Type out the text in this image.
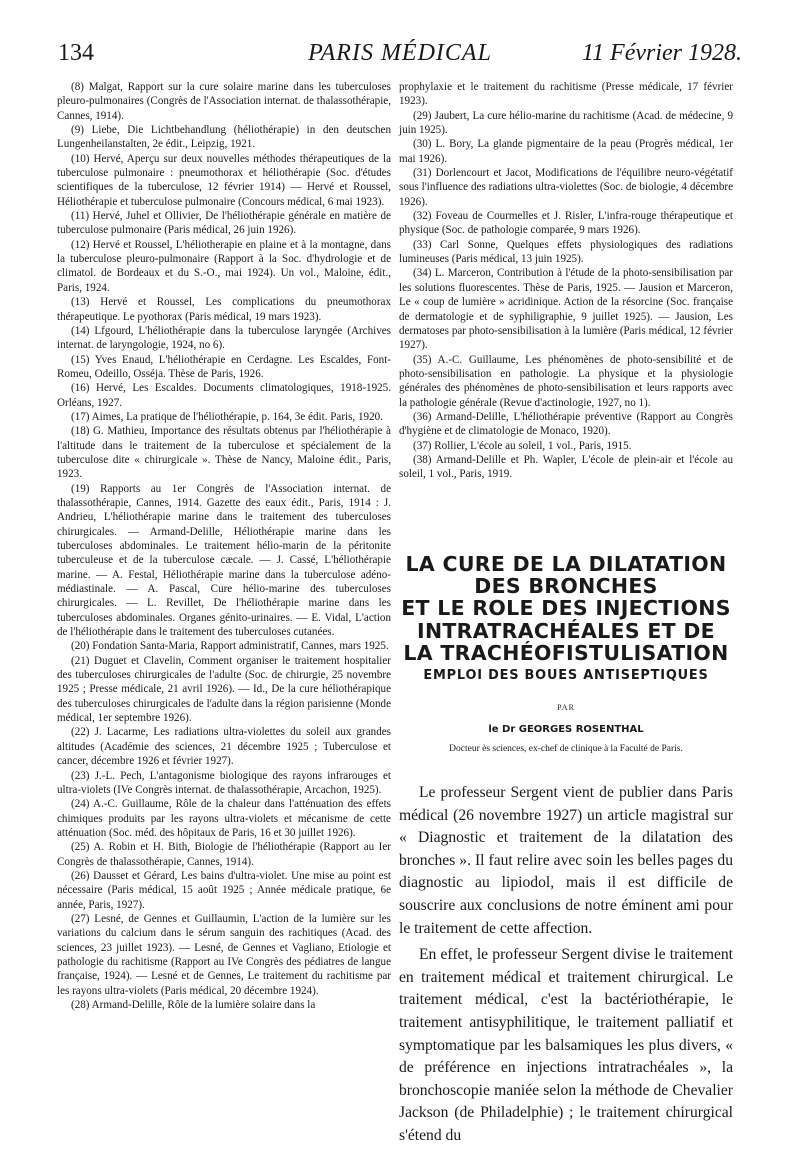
134	PARIS MÉDICAL	11 Février 1928.

(8) Malgat, Rapport sur la cure solaire marine dans les tuberculoses pleuro-pulmonaires (Congrès de l'Association internat. de thalassothérapie, Cannes, 1914).

(9) Liebe, Die Lichtbehandlung (héliothérapie) in den deutschen Lungenheilanstalten, 2e édit., Leipzig, 1921.

(10) Hervé, Aperçu sur deux nouvelles méthodes thérapeutiques de la tuberculose pulmonaire : pneumothorax et héliothérapie (Soc. d'études scientifiques de la tuberculose, 12 février 1914) — Hervé et Roussel, Héliothérapie et tuberculose pulmonaire (Concours médical, 6 mai 1923).

(11) Hervé, Juhel et Ollivier, De l'héliothérapie générale en matière de tuberculose pulmonaire (Paris médical, 26 juin 1926).

(12) Hervé et Roussel, L'héliotherapie en plaine et à la montagne, dans la tuberculose pleuro-pulmonaire (Rapport à la Soc. d'hydrologie et de climatol. de Bordeaux et du S.-O., mai 1924). Un vol., Maloine, édit., Paris, 1924.

(13) Hervé et Roussel, Les complications du pneumothorax thérapeutique. Le pyothorax (Paris médical, 19 mars 1923).

(14) Lfgourd, L'héliothérapie dans la tuberculose laryngée (Archives internat. de laryngologie, 1924, no 6).

(15) Yves Enaud, L'héliothérapie en Cerdagne. Les Escaldes, Font-Romeu, Odeillo, Osséja. Thèse de Paris, 1926.

(16) Hervé, Les Escaldes. Documents climatologiques, 1918-1925. Orléans, 1927.

(17) Aimes, La pratique de l'héliothérapie, p. 164, 3e édit. Paris, 1920.

(18) G. Mathieu, Importance des résultats obtenus par l'héliothérapie à l'altitude dans le traitement de la tuberculose et spécialement de la tuberculose dite « chirurgicale ». Thèse de Nancy, Maloine édit., Paris, 1923.

(19) Rapports au 1er Congrès de l'Association internat. de thalassothérapie, Cannes, 1914. Gazette des eaux édit., Paris, 1914 : J. Andrieu, L'héliothérapie marine dans le traitement des tuberculoses chirurgicales. — Armand-Delille, Héliothérapie marine dans les tuberculoses abdominales. Le traitement hélio-marin de la péritonite tuberculeuse et de la tuberculose cæcale. — J. Cassé, L'héliothérapie marine. — A. Festal, Héliothérapie marine dans la tuberculose adéno-médiastinale. — A. Pascal, Cure hélio-marine des tuberculoses chirurgicales. — L. Revillet, De l'héliothérapie marine dans les tuberculoses abdominales. Organes génito-urinaires. — E. Vidal, L'action de l'héliothérapie dans le traitement des tuberculoses cutanées.

(20) Fondation Santa-Maria, Rapport administratif, Cannes, mars 1925.

(21) Duguet et Clavelin, Comment organiser le traitement hospitalier des tuberculoses chirurgicales de l'adulte (Soc. de chirurgie, 25 novembre 1925 ; Presse médicale, 21 avril 1926). — Id., De la cure héliothérapique des tuberculoses chirurgicales de l'adulte dans la région parisienne (Monde médical, 1er septembre 1926).

(22) J. Lacarme, Les radiations ultra-violettes du soleil aux grandes altitudes (Académie des sciences, 21 décembre 1925 ; Tuberculose et cancer, décembre 1926 et février 1927).

(23) J.-L. Pech, L'antagonisme biologique des rayons infrarouges et ultra-violets (IVe Congrès internat. de thalassothérapie, Arcachon, 1925).

(24) A.-C. Guillaume, Rôle de la chaleur dans l'atténuation des effets chimiques produits par les rayons ultra-violets et mécanisme de cette atténuation (Soc. méd. des hôpitaux de Paris, 16 et 30 juillet 1926).

(25) A. Robin et H. Bith, Biologie de l'héliothérapie (Rapport au Ier Congrès de thalassothérapie, Cannes, 1914).

(26) Dausset et Gérard, Les bains d'ultra-violet. Une mise au point est nécessaire (Paris médical, 15 août 1925 ; Année médicale pratique, 6e année, Paris, 1927).

(27) Lesné, de Gennes et Guillaumin, L'action de la lumière sur les variations du calcium dans le sérum sanguin des rachitiques (Acad. des sciences, 23 juillet 1923). — Lesné, de Gennes et Vagliano, Etiologie et pathologie du rachitisme (Rapport au IVe Congrès des pédiatres de langue française, 1924). — Lesné et de Gennes, Le traitement du rachitisme par les rayons ultra-violets (Paris médical, 20 décembre 1924).

(28) Armand-Delille, Rôle de la lumière solaire dans la

prophylaxie et le traitement du rachitisme (Presse médicale, 17 février 1923).

(29) Jaubert, La cure hélio-marine du rachitisme (Acad. de médecine, 9 juin 1925).

(30) L. Bory, La glande pigmentaire de la peau (Progrès médical, 1er mai 1926).

(31) Dorlencourt et Jacot, Modifications de l'équilibre neuro-végétatif sous l'influence des radiations ultra-violettes (Soc. de biologie, 4 décembre 1926).

(32) Foveau de Courmelles et J. Risler, L'infra-rouge thérapeutique et physique (Soc. de pathologie comparée, 9 mars 1926).

(33) Carl Sonne, Quelques effets physiologiques des radiations lumineuses (Paris médical, 13 juin 1925).

(34) L. Marceron, Contribution à l'étude de la photo-sensibilisation par les solutions fluorescentes. Thèse de Paris, 1925. — Jausion et Marceron, Le « coup de lumière » acridinique. Action de la résorcine (Soc. française de dermatologie et de syphiligraphie, 9 juillet 1925). — Jausion, Les dermatoses par photo-sensibilisation à la lumière (Paris médical, 12 février 1927).

(35) A.-C. Guillaume, Les phénomènes de photo-sensibilité et de photo-sensibilisation en pathologie. La physique et la physiologie générales des phénomènes de photo-sensibilisation et leurs rapports avec la pathologie générale (Revue d'actinologie, 1927, no 1).

(36) Armand-Delille, L'héliothérapie préventive (Rapport au Congrès d'hygiène et de climatologie de Monaco, 1920).

(37) Rollier, L'école au soleil, 1 vol., Paris, 1915.

(38) Armand-Delille et Ph. Wapler, L'école de plein-air et l'école au soleil, 1 vol., Paris, 1919.

LA CURE DE LA DILATATION
DES BRONCHES
ET LE ROLE DES INJECTIONS
INTRATRACHÉALES ET DE
LA TRACHÉOFISTULISATION
EMPLOI DES BOUES ANTISEPTIQUES
PAR
le Dr GEORGES ROSENTHAL
Docteur ès sciences, ex-chef de clinique à la Faculté de Paris.

Le professeur Sergent vient de publier dans Paris médical (26 novembre 1927) un article magistral sur « Diagnostic et traitement de la dilatation des bronches ». Il faut relire avec soin les belles pages du diagnostic au lipiodol, mais il est difficile de souscrire aux conclusions de notre éminent ami pour le traitement de cette affection.

En effet, le professeur Sergent divise le traitement en traitement médical et traitement chirurgical. Le traitement médical, c'est la bactériothérapie, le traitement antisyphilitique, le traitement palliatif et symptomatique par les balsamiques les plus divers, « de préférence en injections intratrachéales », la bronchoscopie maniée selon la méthode de Chevalier Jackson (de Philadelphie) ; le traitement chirurgical s'étend du
